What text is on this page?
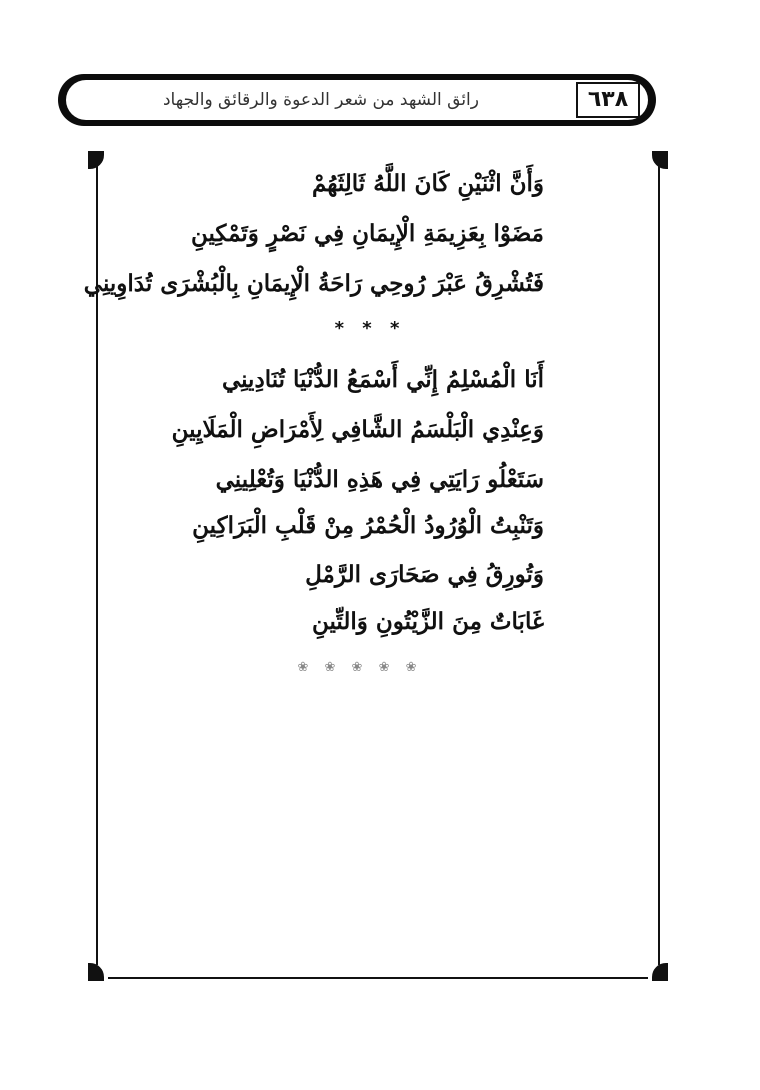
رائق الشهد من شعر الدعوة والرقائق والجهاد	٦٣٨
وَأَنَّ اثْنَيْنِ كَانَ اللَّهُ ثَالِثَهُمْ
مَضَوْا بِعَزِيمَةِ الْإِيمَانِ فِي نَصْرٍ وَتَمْكِينِ
فَتُشْرِقُ عَبْرَ رُوحِي رَاحَةُ الْإِيمَانِ بِالْبُشْرَى تُدَاوِينِي
* * *
أَنَا الْمُسْلِمُ إِنِّي أَسْمَعُ الدُّنْيَا تُنَادِينِي
وَعِنْدِي الْبَلْسَمُ الشَّافِي لِأَمْرَاضِ الْمَلَايِينِ
سَتَعْلُو رَايَتِي فِي هَذِهِ الدُّنْيَا وَتُعْلِينِي
وَتَنْبِتُ الْوُرُودُ الْحُمْرُ مِنْ قَلْبِ الْبَرَاكِينِ
وَتُورِقُ فِي صَحَارَى الرَّمْلِ
غَابَاتٌ مِنَ الزَّيْتُونِ وَالتِّينِ
❀ ❀ ❀ ❀ ❀
